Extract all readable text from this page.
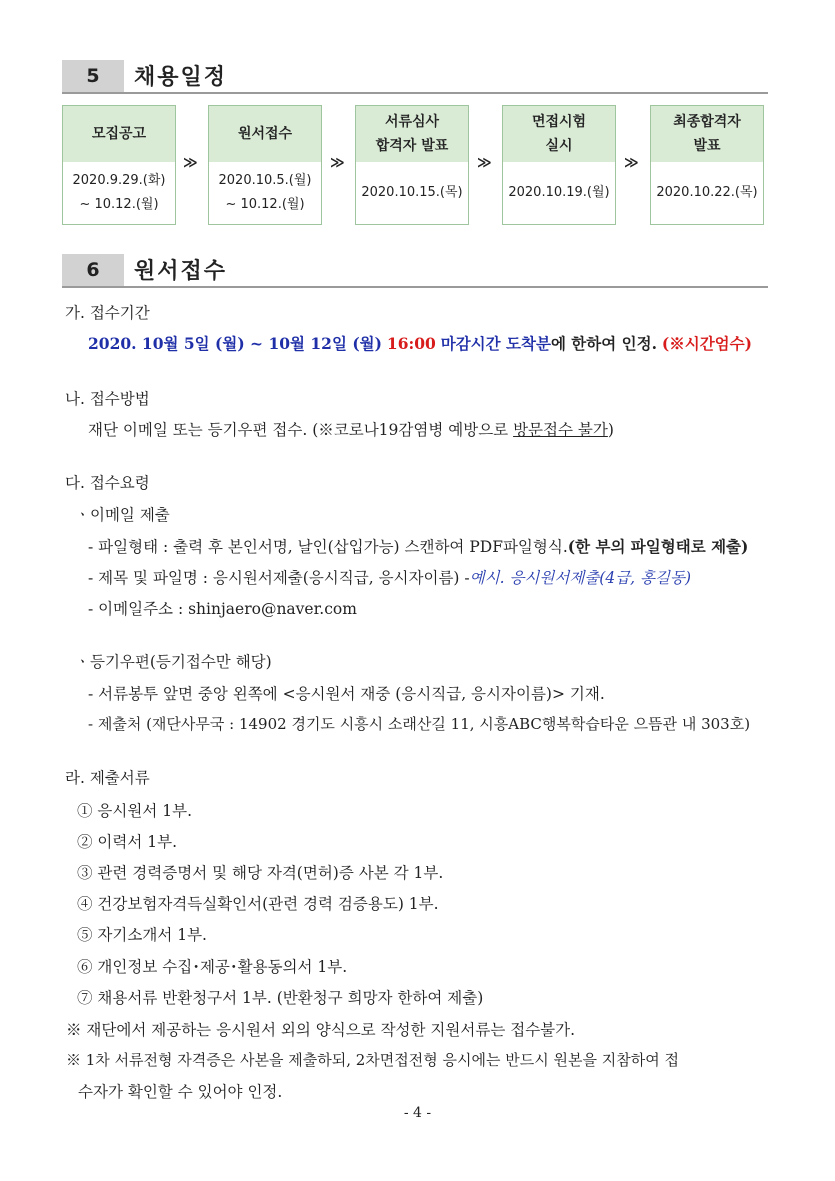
5	채용일정
모집공고
2020.9.29.(화)
~ 10.12.(월)
≫
원서접수
2020.10.5.(월)
~ 10.12.(월)
≫
서류심사
합격자 발표
2020.10.15.(목)
≫
면접시험
실시
2020.10.19.(월)
≫
최종합격자
발표
2020.10.22.(목)
6	원서접수
가. 접수기간
2020. 10월 5일 (월) ~ 10월 12일 (월) 16:00 마감시간 도착분에 한하여 인정. (※시간엄수)
나. 접수방법
재단 이메일 또는 등기우편 접수. (※코로나19감염병 예방으로 방문접수 불가)
다. 접수요령
ㆍ이메일 제출
- 파일형태 : 출력 후 본인서명, 날인(삽입가능) 스캔하여 PDF파일형식.(한 부의 파일형태로 제출)
- 제목 및 파일명 : 응시원서제출(응시직급, 응시자이름) -예시. 응시원서제출(4급, 홍길동)
- 이메일주소 : shinjaero@naver.com
ㆍ등기우편(등기접수만 해당)
- 서류봉투 앞면 중앙 왼쪽에 <응시원서 재중 (응시직급, 응시자이름)> 기재.
- 제출처 (재단사무국 : 14902 경기도 시흥시 소래산길 11, 시흥ABC행복학습타운 으뜸관 내 303호)
라. 제출서류
① 응시원서 1부.
② 이력서 1부.
③ 관련 경력증명서 및 해당 자격(면허)증 사본 각 1부.
④ 건강보험자격득실확인서(관련 경력 검증용도) 1부.
⑤ 자기소개서 1부.
⑥ 개인정보 수집･제공･활용동의서 1부.
⑦ 채용서류 반환청구서 1부. (반환청구 희망자 한하여 제출)
※ 재단에서 제공하는 응시원서 외의 양식으로 작성한 지원서류는 접수불가.
※ 1차 서류전형 자격증은 사본을 제출하되, 2차면접전형 응시에는 반드시 원본을 지참하여 접
수자가 확인할 수 있어야 인정.
- 4 -
